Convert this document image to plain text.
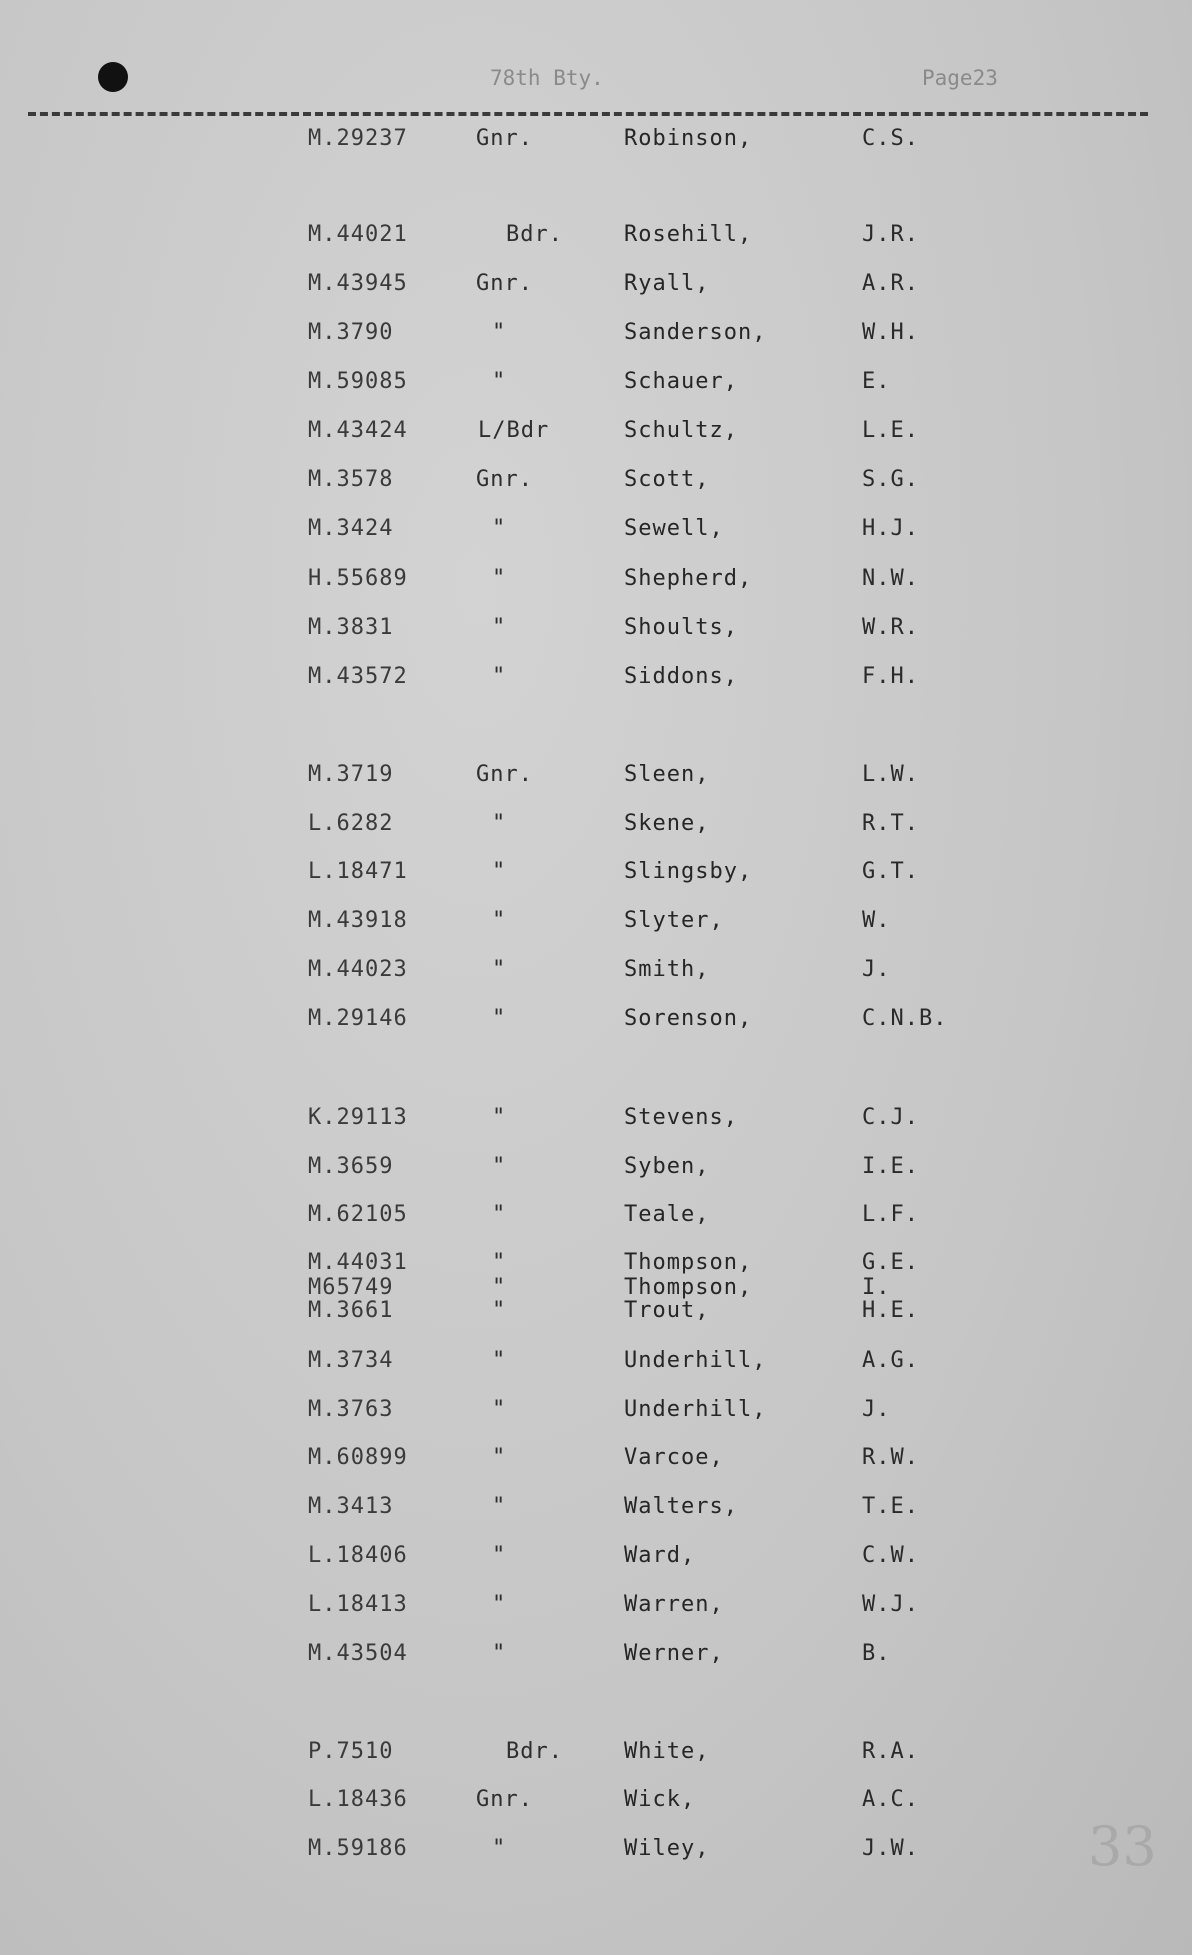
78th Bty.	Page23
M.29237	Gnr.	Robinson,	C.S.
M.44021	Bdr.	Rosehill,	J.R.
M.43945	Gnr.	Ryall,	A.R.
M.3790	"	Sanderson,	W.H.
M.59085	"	Schauer,	E.
M.43424	L/Bdr	Schultz,	L.E.
M.3578	Gnr.	Scott,	S.G.
M.3424	"	Sewell,	H.J.
H.55689	"	Shepherd,	N.W.
M.3831	"	Shoults,	W.R.
M.43572	"	Siddons,	F.H.
M.3719	Gnr.	Sleen,	L.W.
L.6282	"	Skene,	R.T.
L.18471	"	Slingsby,	G.T.
M.43918	"	Slyter,	W.
M.44023	"	Smith,	J.
M.29146	"	Sorenson,	C.N.B.
K.29113	"	Stevens,	C.J.
M.3659	"	Syben,	I.E.
M.62105	"	Teale,	L.F.
M.44031	"	Thompson,	G.E.
M65749	"	Thompson,	I.
M.3661	"	Trout,	H.E.
M.3734	"	Underhill,	A.G.
M.3763	"	Underhill,	J.
M.60899	"	Varcoe,	R.W.
M.3413	"	Walters,	T.E.
L.18406	"	Ward,	C.W.
L.18413	"	Warren,	W.J.
M.43504	"	Werner,	B.
P.7510	Bdr.	White,	R.A.
L.18436	Gnr.	Wick,	A.C.
M.59186	"	Wiley,	J.W.	33
